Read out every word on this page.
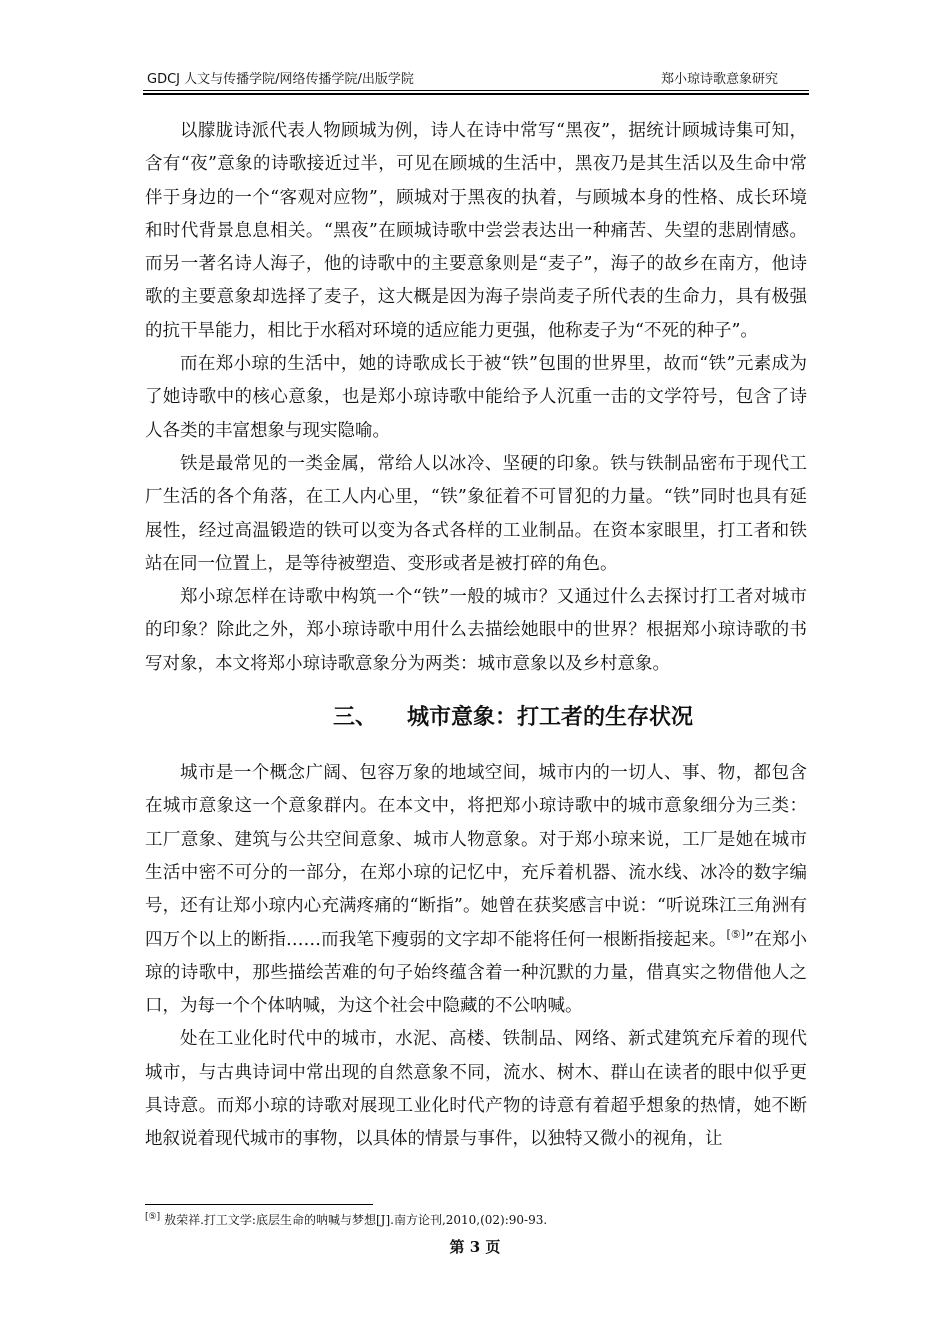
GDCJ 人文与传播学院/网络传播学院/出版学院	郑小琼诗歌意象研究

以朦胧诗派代表人物顾城为例，诗人在诗中常写“黑夜”，据统计顾城诗集可知，含有“夜”意象的诗歌接近过半，可见在顾城的生活中，黑夜乃是其生活以及生命中常伴于身边的一个“客观对应物”，顾城对于黑夜的执着，与顾城本身的性格、成长环境和时代背景息息相关。“黑夜”在顾城诗歌中尝尝表达出一种痛苦、失望的悲剧情感。而另一著名诗人海子，他的诗歌中的主要意象则是“麦子”，海子的故乡在南方，他诗歌的主要意象却选择了麦子，这大概是因为海子崇尚麦子所代表的生命力，具有极强的抗干旱能力，相比于水稻对环境的适应能力更强，他称麦子为“不死的种子”。

而在郑小琼的生活中，她的诗歌成长于被“铁”包围的世界里，故而“铁”元素成为了她诗歌中的核心意象，也是郑小琼诗歌中能给予人沉重一击的文学符号，包含了诗人各类的丰富想象与现实隐喻。

铁是最常见的一类金属，常给人以冰冷、坚硬的印象。铁与铁制品密布于现代工厂生活的各个角落，在工人内心里，“铁”象征着不可冒犯的力量。“铁”同时也具有延展性，经过高温锻造的铁可以变为各式各样的工业制品。在资本家眼里，打工者和铁站在同一位置上，是等待被塑造、变形或者是被打碎的角色。

郑小琼怎样在诗歌中构筑一个“铁”一般的城市？又通过什么去探讨打工者对城市的印象？除此之外，郑小琼诗歌中用什么去描绘她眼中的世界？根据郑小琼诗歌的书写对象，本文将郑小琼诗歌意象分为两类：城市意象以及乡村意象。

三、 城市意象：打工者的生存状况

城市是一个概念广阔、包容万象的地域空间，城市内的一切人、事、物，都包含在城市意象这一个意象群内。在本文中，将把郑小琼诗歌中的城市意象细分为三类：工厂意象、建筑与公共空间意象、城市人物意象。对于郑小琼来说，工厂是她在城市生活中密不可分的一部分，在郑小琼的记忆中，充斥着机器、流水线、冰冷的数字编号，还有让郑小琼内心充满疼痛的“断指”。她曾在获奖感言中说：“听说珠江三角洲有四万个以上的断指……而我笔下瘦弱的文字却不能将任何一根断指接起来。[⑤]”在郑小琼的诗歌中，那些描绘苦难的句子始终蕴含着一种沉默的力量，借真实之物借他人之口，为每一个个体呐喊，为这个社会中隐藏的不公呐喊。

处在工业化时代中的城市，水泥、高楼、铁制品、网络、新式建筑充斥着的现代城市，与古典诗词中常出现的自然意象不同，流水、树木、群山在读者的眼中似乎更具诗意。而郑小琼的诗歌对展现工业化时代产物的诗意有着超乎想象的热情，她不断地叙说着现代城市的事物，以具体的情景与事件，以独特又微小的视角，让

[⑤] 敖荣祥.打工文学:底层生命的呐喊与梦想[J].南方论刊,2010,(02):90-93.
第 3 页
